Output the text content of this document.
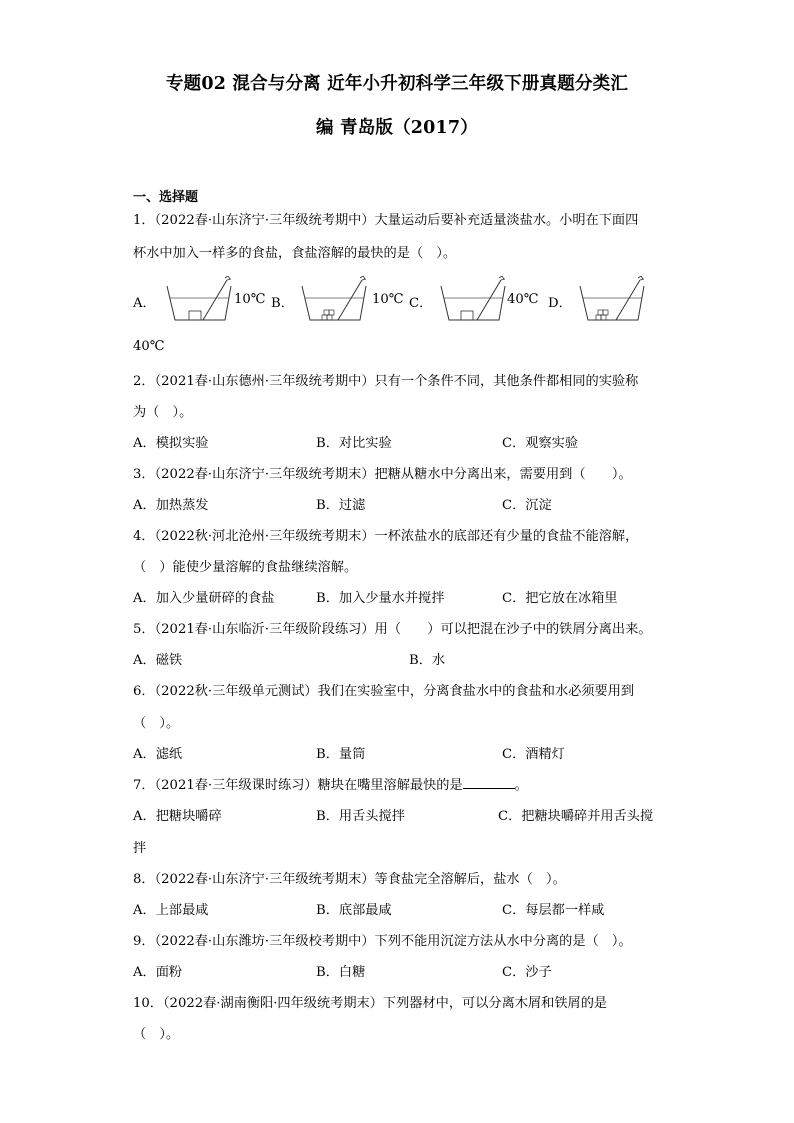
专题02 混合与分离 近年小升初科学三年级下册真题分类汇
编 青岛版（2017）
一、选择题
1．（2022春·山东济宁·三年级统考期中）大量运动后要补充适量淡盐水。小明在下面四
杯水中加入一样多的食盐，食盐溶解的最快的是（　）。
A．	10℃ B．	10℃ C．	40℃ D．
40℃
2．（2021春·山东德州·三年级统考期中）只有一个条件不同，其他条件都相同的实验称
为（　）。
A．模拟实验	B．对比实验	C．观察实验
3．（2022春·山东济宁·三年级统考期末）把糖从糖水中分离出来，需要用到（　　）。
A．加热蒸发	B．过滤	C．沉淀
4．（2022秋·河北沧州·三年级统考期末）一杯浓盐水的底部还有少量的食盐不能溶解，
（　）能使少量溶解的食盐继续溶解。
A．加入少量研碎的食盐	B．加入少量水并搅拌	C．把它放在冰箱里
5．（2021春·山东临沂·三年级阶段练习）用（　　）可以把混在沙子中的铁屑分离出来。
A．磁铁	B．水
6．（2022秋·三年级单元测试）我们在实验室中，分离食盐水中的食盐和水必须要用到
（　）。
A．滤纸	B．量筒	C．酒精灯
7．（2021春·三年级课时练习）糖块在嘴里溶解最快的是	。
A．把糖块嚼碎	B．用舌头搅拌	C．把糖块嚼碎并用舌头搅
拌
8．（2022春·山东济宁·三年级统考期末）等食盐完全溶解后，盐水（　）。
A．上部最咸	B．底部最咸	C．每层都一样咸
9．（2022春·山东潍坊·三年级校考期中）下列不能用沉淀方法从水中分离的是（　）。
A．面粉	B．白糖	C．沙子
10．（2022春·湖南衡阳·四年级统考期末）下列器材中，可以分离木屑和铁屑的是
（　）。
